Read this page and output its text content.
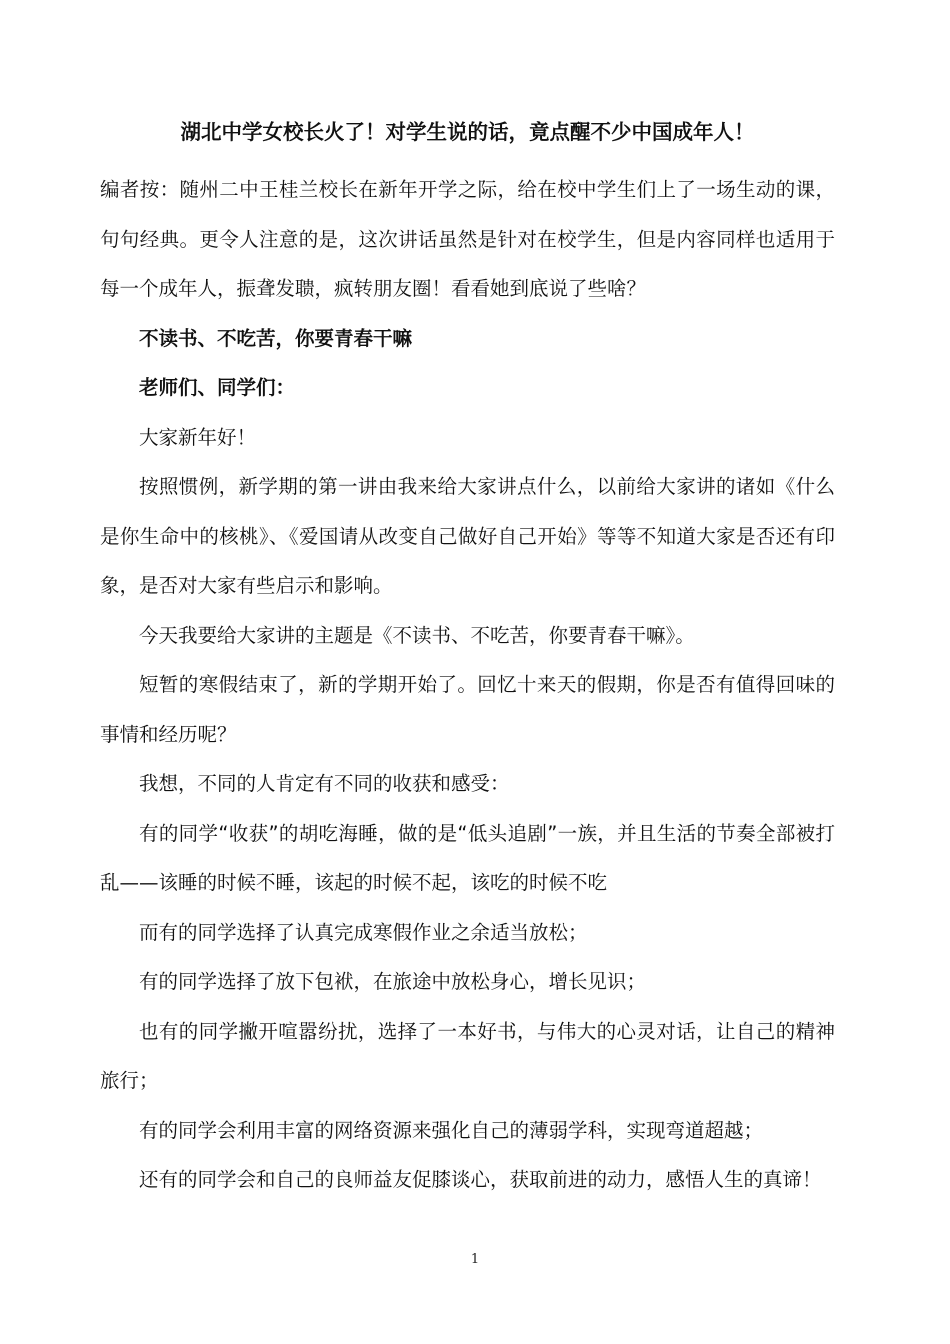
湖北中学女校长火了！对学生说的话，竟点醒不少中国成年人！

编者按：随州二中王桂兰校长在新年开学之际，给在校中学生们上了一场生动的课，句句经典。更令人注意的是，这次讲话虽然是针对在校学生，但是内容同样也适用于每一个成年人，振聋发聩，疯转朋友圈！看看她到底说了些啥？

不读书、不吃苦，你要青春干嘛

老师们、同学们：

大家新年好！

按照惯例，新学期的第一讲由我来给大家讲点什么，以前给大家讲的诸如《什么是你生命中的核桃》、《爱国请从改变自己做好自己开始》等等不知道大家是否还有印象，是否对大家有些启示和影响。

今天我要给大家讲的主题是《不读书、不吃苦，你要青春干嘛》。

短暂的寒假结束了，新的学期开始了。回忆十来天的假期，你是否有值得回味的事情和经历呢？

我想，不同的人肯定有不同的收获和感受：

有的同学“收获”的胡吃海睡，做的是“低头追剧”一族，并且生活的节奏全部被打乱——该睡的时候不睡，该起的时候不起，该吃的时候不吃

而有的同学选择了认真完成寒假作业之余适当放松；

有的同学选择了放下包袱，在旅途中放松身心，增长见识；

也有的同学撇开喧嚣纷扰，选择了一本好书，与伟大的心灵对话，让自己的精神旅行；

有的同学会利用丰富的网络资源来强化自己的薄弱学科，实现弯道超越；

还有的同学会和自己的良师益友促膝谈心，获取前进的动力，感悟人生的真谛！

1
